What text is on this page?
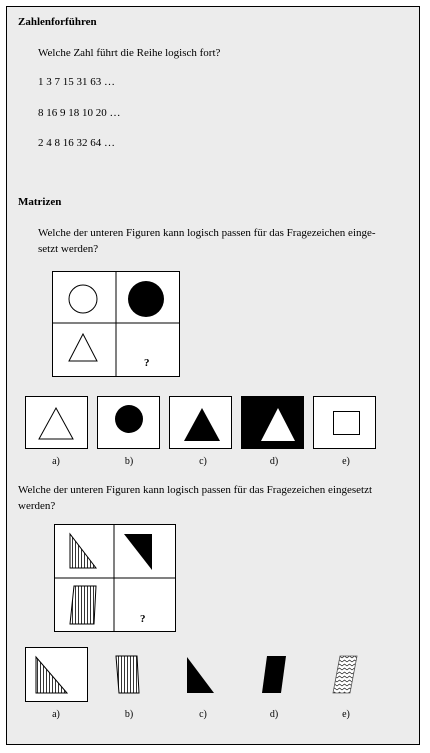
Zahlenforführen
Welche Zahl führt die Reihe logisch fort?
1 3 7 15 31 63 …
8 16 9 18 10 20 …
2 4 8 16 32 64 …
Matrizen
Welche der unteren Figuren kann logisch passen für das Fragezeichen einge-
setzt werden?
?
a)	b)	c)	d)	e)
Welche der unteren Figuren kann logisch passen für das Fragezeichen eingesetzt
werden?
?
a)	b)	c)	d)	e)
